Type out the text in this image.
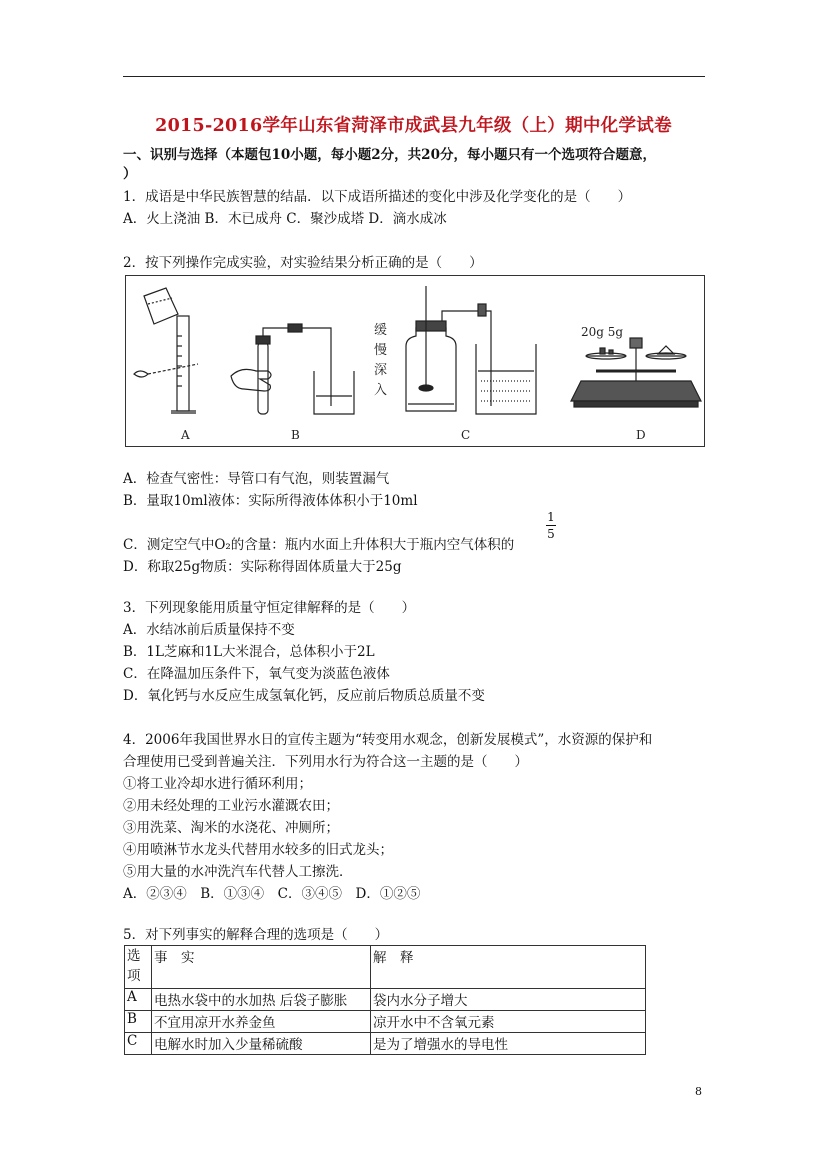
2015-2016学年山东省菏泽市成武县九年级（上）期中化学试卷
一、识别与选择（本题包10小题，每小题2分，共20分，每小题只有一个选项符合题意，
）
1．成语是中华民族智慧的结晶．以下成语所描述的变化中涉及化学变化的是（　　）
A．火上浇油 B．木已成舟 C．聚沙成塔 D．滴水成冰
2．按下列操作完成实验，对实验结果分析正确的是（　　）
缓
慢
深
入
20g 5g
A	B	C	D
A．检查气密性：导管口有气泡，则装置漏气
B．量取10ml液体：实际所得液体体积小于10ml
C．测定空气中O₂的含量：瓶内水面上升体积大于瓶内空气体积的
1
5
D．称取25g物质：实际称得固体质量大于25g
3．下列现象能用质量守恒定律解释的是（　　）
A．水结冰前后质量保持不变
B．1L芝麻和1L大米混合，总体积小于2L
C．在降温加压条件下，氧气变为淡蓝色液体
D．氧化钙与水反应生成氢氧化钙，反应前后物质总质量不变
4．2006年我国世界水日的宣传主题为“转变用水观念，创新发展模式”，水资源的保护和
合理使用已受到普遍关注．下列用水行为符合这一主题的是（　　）
①将工业冷却水进行循环利用；
②用未经处理的工业污水灌溉农田；
③用洗菜、淘米的水浇花、冲厕所；
④用喷淋节水龙头代替用水较多的旧式龙头；
⑤用大量的水冲洗汽车代替人工擦洗．
A．②③④　B．①③④　C．③④⑤　D．①②⑤
5．对下列事实的解释合理的选项是（　　）
选项	事　实	解　释
A	电热水袋中的水加热 后袋子膨胀	袋内水分子增大
B	不宜用凉开水养金鱼	凉开水中不含氧元素
C	电解水时加入少量稀硫酸	是为了增强水的导电性
8
